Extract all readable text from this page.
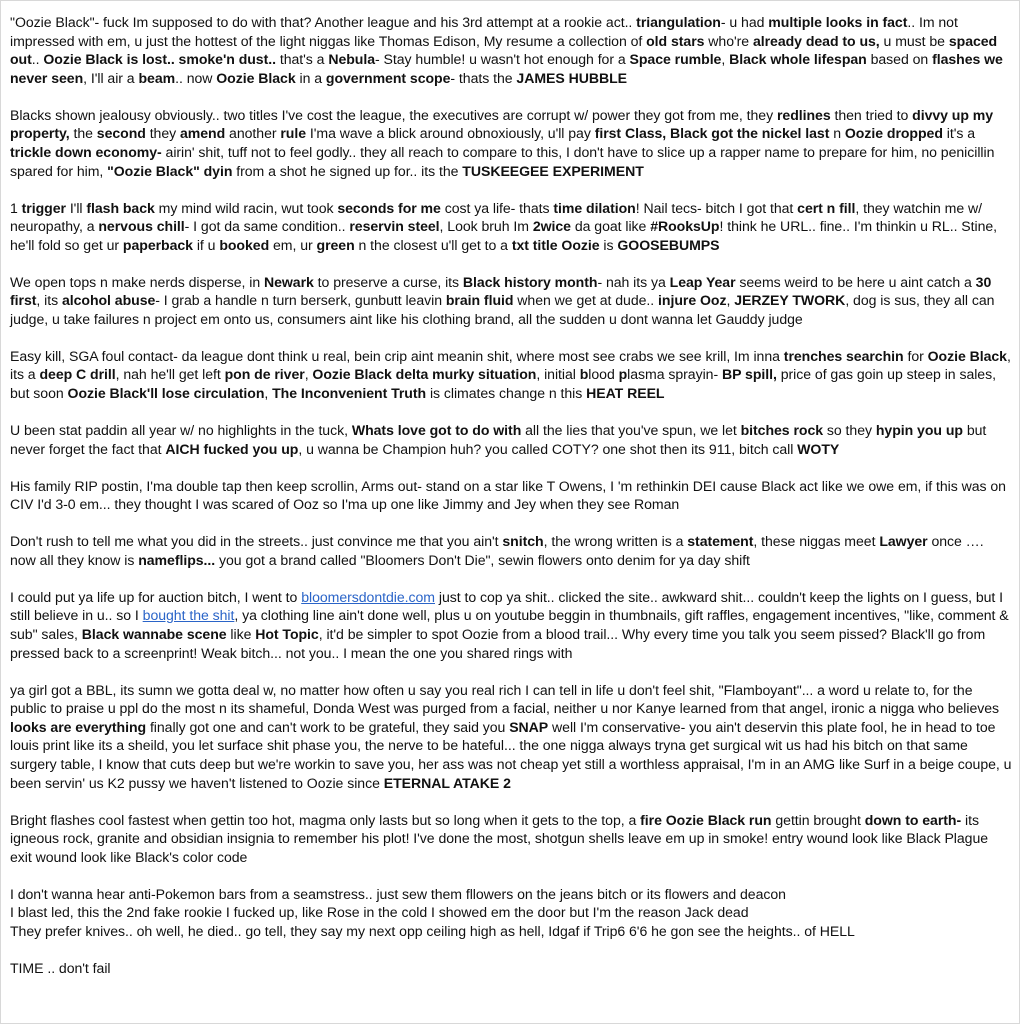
"Oozie Black"- fuck Im supposed to do with that? Another league and his 3rd attempt at a rookie act.. triangulation- u had multiple looks in fact.. Im not impressed with em, u just the hottest of the light niggas like Thomas Edison, My resume a collection of old stars who're already dead to us, u must be spaced out.. Oozie Black is lost.. smoke'n dust.. that's a Nebula- Stay humble! u wasn't hot enough for a Space rumble, Black whole lifespan based on flashes we never seen, I'll air a beam.. now Oozie Black in a government scope- thats the JAMES HUBBLE

Blacks shown jealousy obviously.. two titles I've cost the league, the executives are corrupt w/ power they got from me, they redlines then tried to divvy up my property, the second they amend another rule I'ma wave a blick around obnoxiously, u'll pay first Class, Black got the nickel last n Oozie dropped it's a trickle down economy- airin' shit, tuff not to feel godly.. they all reach to compare to this, I don't have to slice up a rapper name to prepare for him, no penicillin spared for him, "Oozie Black" dyin from a shot he signed up for.. its the TUSKEEGEE EXPERIMENT

1 trigger I'll flash back my mind wild racin, wut took seconds for me cost ya life- thats time dilation! Nail tecs- bitch I got that cert n fill, they watchin me w/ neuropathy, a nervous chill- I got da same condition.. reservin steel, Look bruh Im 2wice da goat like #RooksUp! think he URL.. fine.. I'm thinkin u RL.. Stine, he'll fold so get ur paperback if u booked em, ur green n the closest u'll get to a txt title Oozie is GOOSEBUMPS

We open tops n make nerds disperse, in Newark to preserve a curse, its Black history month- nah its ya Leap Year seems weird to be here u aint catch a 30 first, its alcohol abuse- I grab a handle n turn berserk, gunbutt leavin brain fluid when we get at dude.. injure Ooz, JERZEY TWORK, dog is sus, they all can judge, u take failures n project em onto us, consumers aint like his clothing brand, all the sudden u dont wanna let Gauddy judge

Easy kill, SGA foul contact- da league dont think u real, bein crip aint meanin shit, where most see crabs we see krill, Im inna trenches searchin for Oozie Black, its a deep C drill, nah he'll get left pon de river, Oozie Black delta murky situation, initial blood plasma sprayin- BP spill, price of gas goin up steep in sales, but soon Oozie Black'll lose circulation, The Inconvenient Truth is climates change n this HEAT REEL

U been stat paddin all year w/ no highlights in the tuck, Whats love got to do with all the lies that you've spun, we let bitches rock so they hypin you up but never forget the fact that AICH fucked you up, u wanna be Champion huh? you called COTY? one shot then its 911, bitch call WOTY

His family RIP postin, I'ma double tap then keep scrollin, Arms out- stand on a star like T Owens, I 'm rethinkin DEI cause Black act like we owe em, if this was on CIV I'd 3-0 em... they thought I was scared of Ooz so I'ma up one like Jimmy and Jey when they see Roman

Don't rush to tell me what you did in the streets.. just convince me that you ain't snitch, the wrong written is a statement, these niggas meet Lawyer once …. now all they know is nameflips... you got a brand called "Bloomers Don't Die", sewin flowers onto denim for ya day shift

I could put ya life up for auction bitch, I went to bloomersdontdie.com just to cop ya shit.. clicked the site.. awkward shit... couldn't keep the lights on I guess, but I still believe in u.. so I bought the shit, ya clothing line ain't done well, plus u on youtube beggin in thumbnails, gift raffles, engagement incentives, "like, comment & sub" sales, Black wannabe scene like Hot Topic, it'd be simpler to spot Oozie from a blood trail... Why every time you talk you seem pissed? Black'll go from pressed back to a screenprint! Weak bitch... not you.. I mean the one you shared rings with

ya girl got a BBL, its sumn we gotta deal w, no matter how often u say you real rich I can tell in life u don't feel shit, "Flamboyant"... a word u relate to, for the public to praise u ppl do the most n its shameful, Donda West was purged from a facial, neither u nor Kanye learned from that angel, ironic a nigga who believes looks are everything finally got one and can't work to be grateful, they said you SNAP well I'm conservative- you ain't deservin this plate fool, he in head to toe louis print like its a sheild, you let surface shit phase you, the nerve to be hateful... the one nigga always tryna get surgical wit us had his bitch on that same surgery table, I know that cuts deep but we're workin to save you, her ass was not cheap yet still a worthless appraisal, I'm in an AMG like Surf in a beige coupe, u been servin' us K2 pussy we haven't listened to Oozie since ETERNAL ATAKE 2

Bright flashes cool fastest when gettin too hot, magma only lasts but so long when it gets to the top, a fire Oozie Black run gettin brought down to earth- its igneous rock, granite and obsidian insignia to remember his plot! I've done the most, shotgun shells leave em up in smoke! entry wound look like Black Plague exit wound look like Black's color code

I don't wanna hear anti-Pokemon bars from a seamstress.. just sew them fllowers on the jeans bitch or its flowers and deacon

I blast led, this the 2nd fake rookie I fucked up, like Rose in the cold I showed em the door but I'm the reason Jack dead

They prefer knives.. oh well, he died.. go tell, they say my next opp ceiling high as hell, Idgaf if Trip6 6'6 he gon see the heights.. of HELL

TIME .. don't fail
